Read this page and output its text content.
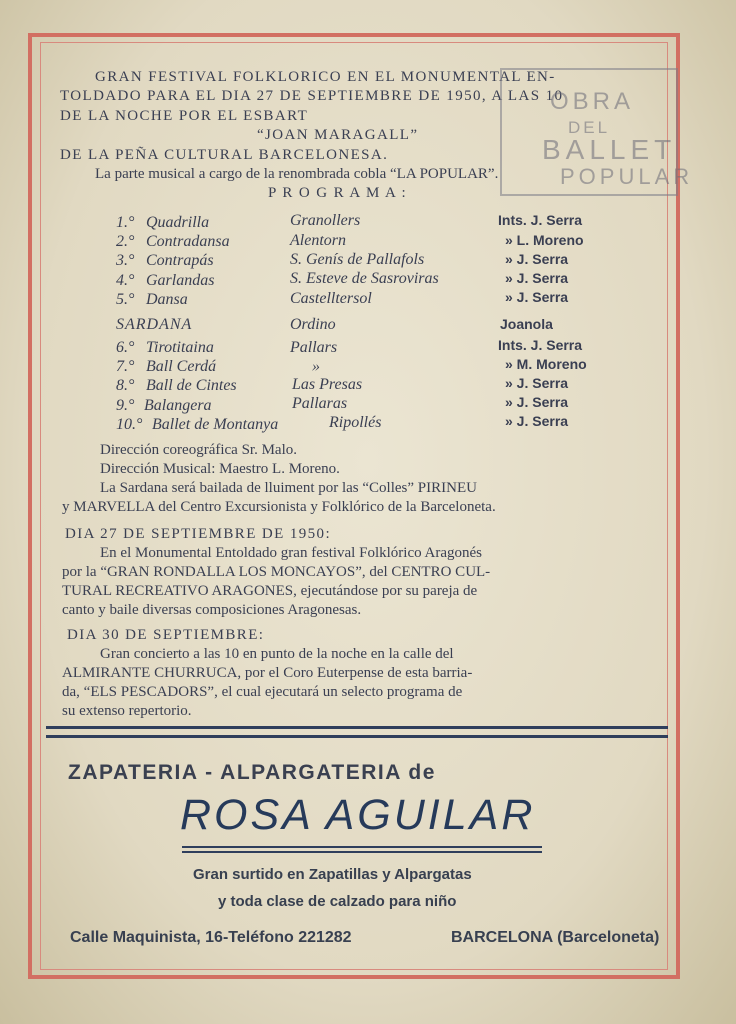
GRAN FESTIVAL FOLKLORICO EN EL MONUMENTAL EN-
TOLDADO PARA EL DIA 27 DE SEPTIEMBRE DE 1950, A LAS 10
DE LA NOCHE POR EL ESBART
“JOAN MARAGALL”
DE LA PEÑA CULTURAL BARCELONESA.
La parte musical a cargo de la renombrada cobla “LA POPULAR”.
P R O G R A M A :
OBRA
DEL
BALLET
POPULAR
1.° Quadrilla	Granollers	Ints. J. Serra
2.° Contradansa	Alentorn	» L. Moreno
3.° Contrapás	S. Genís de Pallafols	» J. Serra
4.° Garlandas	S. Esteve de Sasroviras	» J. Serra
5.° Dansa	Castelltersol	» J. Serra
SARDANA	Ordino	Joanola
6.° Tirotitaina	Pallars	Ints. J. Serra
7.° Ball Cerdá	»	» M. Moreno
8.° Ball de Cintes	Las Presas	» J. Serra
9.° Balangera	Pallaras	» J. Serra
10.° Ballet de Montanya	Ripollés	» J. Serra
Dirección coreográfica Sr. Malo.
Dirección Musical: Maestro L. Moreno.
La Sardana será bailada de lluiment por las “Colles” PIRINEU
y MARVELLA del Centro Excursionista y Folklórico de la Barceloneta.
DIA 27 DE SEPTIEMBRE DE 1950:
En el Monumental Entoldado gran festival Folklórico Aragonés
por la “GRAN RONDALLA LOS MONCAYOS”, del CENTRO CUL-
TURAL RECREATIVO ARAGONES, ejecutándose por su pareja de
canto y baile diversas composiciones Aragonesas.
DIA 30 DE SEPTIEMBRE:
Gran concierto a las 10 en punto de la noche en la calle del
ALMIRANTE CHURRUCA, por el Coro Euterpense de esta barria-
da, “ELS PESCADORS”, el cual ejecutará un selecto programa de
su extenso repertorio.
ZAPATERIA - ALPARGATERIA de
ROSA AGUILAR
Gran surtido en Zapatillas y Alpargatas
y toda clase de calzado para niño
Calle Maquinista, 16-Teléfono 221282	BARCELONA (Barceloneta)
